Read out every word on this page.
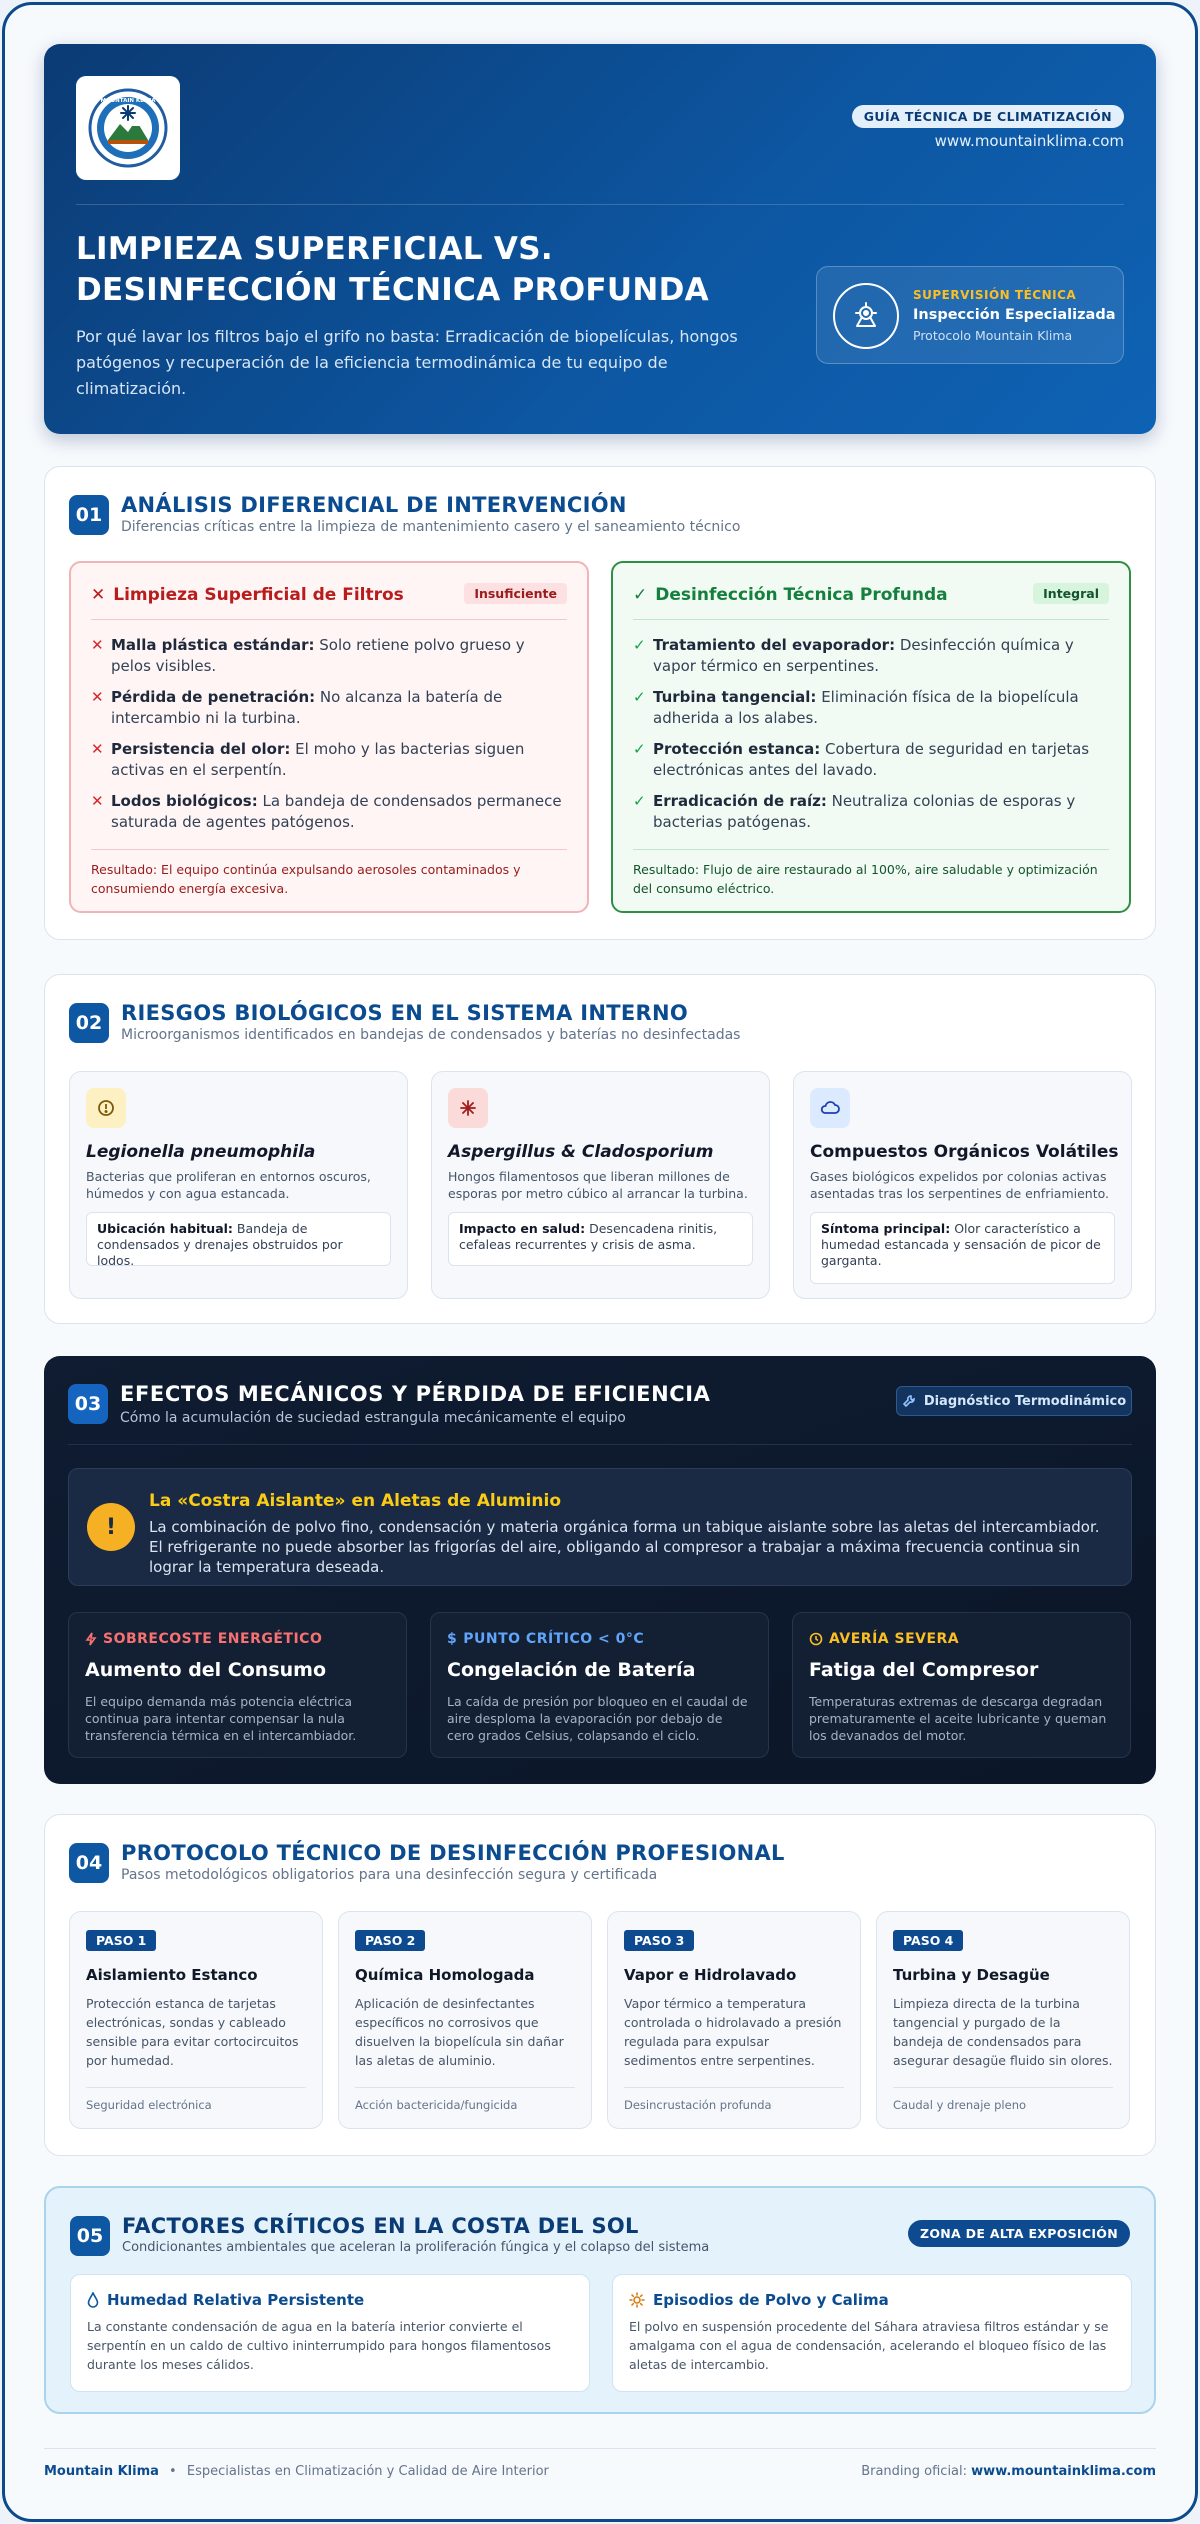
MOUNTAIN KLIMA
GUÍA TÉCNICA DE CLIMATIZACIÓN
www.mountainklima.com
LIMPIEZA SUPERFICIAL VS. DESINFECCIÓN TÉCNICA PROFUNDA

Por qué lavar los filtros bajo el grifo no basta: Erradicación de biopelículas, hongos patógenos y recuperación de la eficiencia termodinámica de tu equipo de climatización.

SUPERVISIÓN TÉCNICA
Inspección Especializada
Protocolo Mountain Klima
01 ANÁLISIS DIFERENCIAL DE INTERVENCIÓN

Diferencias críticas entre la limpieza de mantenimiento casero y el saneamiento técnico

✕ Limpieza Superficial de Filtros	Insuficiente
✕ Malla plástica estándar: Solo retiene polvo grueso y pelos visibles.
✕ Pérdida de penetración: No alcanza la batería de intercambio ni la turbina.
✕ Persistencia del olor: El moho y las bacterias siguen activas en el serpentín.
✕ Lodos biológicos: La bandeja de condensados permanece saturada de agentes patógenos.

Resultado: El equipo continúa expulsando aerosoles contaminados y consumiendo energía excesiva.

✓ Desinfección Técnica Profunda	Integral
✓ Tratamiento del evaporador: Desinfección química y vapor térmico en serpentines.
✓ Turbina tangencial: Eliminación física de la biopelícula adherida a los alabes.
✓ Protección estanca: Cobertura de seguridad en tarjetas electrónicas antes del lavado.
✓ Erradicación de raíz: Neutraliza colonias de esporas y bacterias patógenas.

Resultado: Flujo de aire restaurado al 100%, aire saludable y optimización del consumo eléctrico.

02 RIESGOS BIOLÓGICOS EN EL SISTEMA INTERNO

Microorganismos identificados en bandejas de condensados y baterías no desinfectadas

Legionella pneumophila

Bacterias que proliferan en entornos oscuros, húmedos y con agua estancada.

Ubicación habitual: Bandeja de condensados y drenajes obstruidos por lodos.
Aspergillus & Cladosporium

Hongos filamentosos que liberan millones de esporas por metro cúbico al arrancar la turbina.

Impacto en salud: Desencadena rinitis, cefaleas recurrentes y crisis de asma.
Compuestos Orgánicos Volátiles

Gases biológicos expelidos por colonias activas asentadas tras los serpentines de enfriamiento.

Síntoma principal: Olor característico a humedad estancada y sensación de picor de garganta.
03 EFECTOS MECÁNICOS Y PÉRDIDA DE EFICIENCIA

Cómo la acumulación de suciedad estrangula mecánicamente el equipo

Diagnóstico Termodinámico
!
La «Costra Aislante» en Aletas de Aluminio

La combinación de polvo fino, condensación y materia orgánica forma un tabique aislante sobre las aletas del intercambiador. El refrigerante no puede absorber las frigorías del aire, obligando al compresor a trabajar a máxima frecuencia continua sin lograr la temperatura deseada.

SOBRECOSTE ENERGÉTICO
Aumento del Consumo

El equipo demanda más potencia eléctrica continua para intentar compensar la nula transferencia térmica en el intercambiador.

$ PUNTO CRÍTICO < 0°C
Congelación de Batería

La caída de presión por bloqueo en el caudal de aire desploma la evaporación por debajo de cero grados Celsius, colapsando el ciclo.

AVERÍA SEVERA
Fatiga del Compresor

Temperaturas extremas de descarga degradan prematuramente el aceite lubricante y queman los devanados del motor.

04 PROTOCOLO TÉCNICO DE DESINFECCIÓN PROFESIONAL

Pasos metodológicos obligatorios para una desinfección segura y certificada

PASO 1
Aislamiento Estanco

Protección estanca de tarjetas electrónicas, sondas y cableado sensible para evitar cortocircuitos por humedad.

Seguridad electrónica
PASO 2
Química Homologada

Aplicación de desinfectantes específicos no corrosivos que disuelven la biopelícula sin dañar las aletas de aluminio.

Acción bactericida/fungicida
PASO 3
Vapor e Hidrolavado

Vapor térmico a temperatura controlada o hidrolavado a presión regulada para expulsar sedimentos entre serpentines.

Desincrustación profunda
PASO 4
Turbina y Desagüe

Limpieza directa de la turbina tangencial y purgado de la bandeja de condensados para asegurar desagüe fluido sin olores.

Caudal y drenaje pleno
05 FACTORES CRÍTICOS EN LA COSTA DEL SOL

Condicionantes ambientales que aceleran la proliferación fúngica y el colapso del sistema

ZONA DE ALTA EXPOSICIÓN
Humedad Relativa Persistente

La constante condensación de agua en la batería interior convierte el serpentín en un caldo de cultivo ininterrumpido para hongos filamentosos durante los meses cálidos.

Episodios de Polvo y Calima

El polvo en suspensión procedente del Sáhara atraviesa filtros estándar y se amalgama con el agua de condensación, acelerando el bloqueo físico de las aletas de intercambio.

Mountain Klima • Especialistas en Climatización y Calidad de Aire Interior	Branding oficial: www.mountainklima.com
